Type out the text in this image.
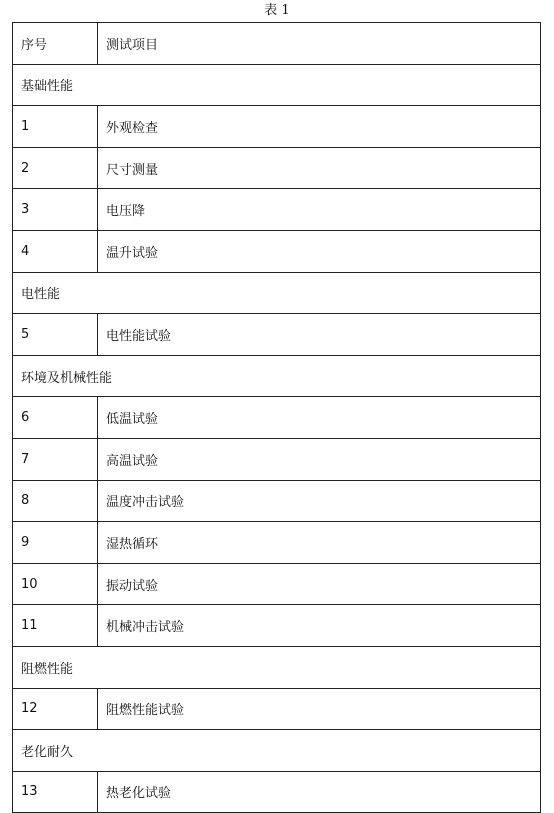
表 1
序号	测试项目
基础性能	
1	外观检查
2	尺寸测量
3	电压降
4	温升试验
电性能	
5	电性能试验
环境及机械性能	
6	低温试验
7	高温试验
8	温度冲击试验
9	湿热循环
10	振动试验
11	机械冲击试验
阻燃性能	
12	阻燃性能试验
老化耐久	
13	热老化试验
